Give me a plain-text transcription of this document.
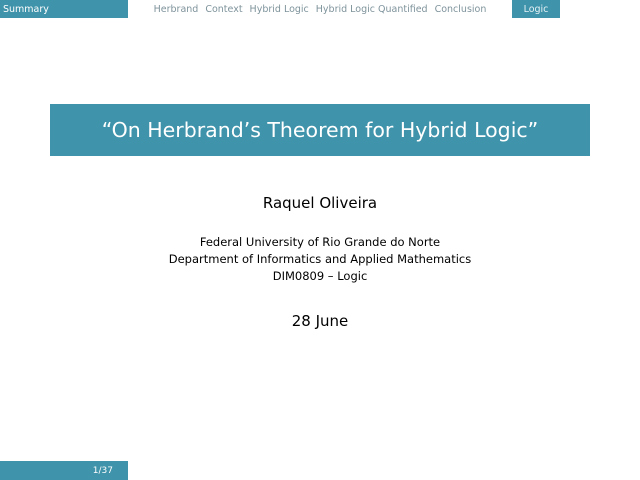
Summary	Herbrand Context Hybrid Logic Hybrid Logic Quantified Conclusion	Logic
“On Herbrand’s Theorem for Hybrid Logic”
Raquel Oliveira
Federal University of Rio Grande do Norte
Department of Informatics and Applied Mathematics
DIM0809 – Logic
28 June
1/37
